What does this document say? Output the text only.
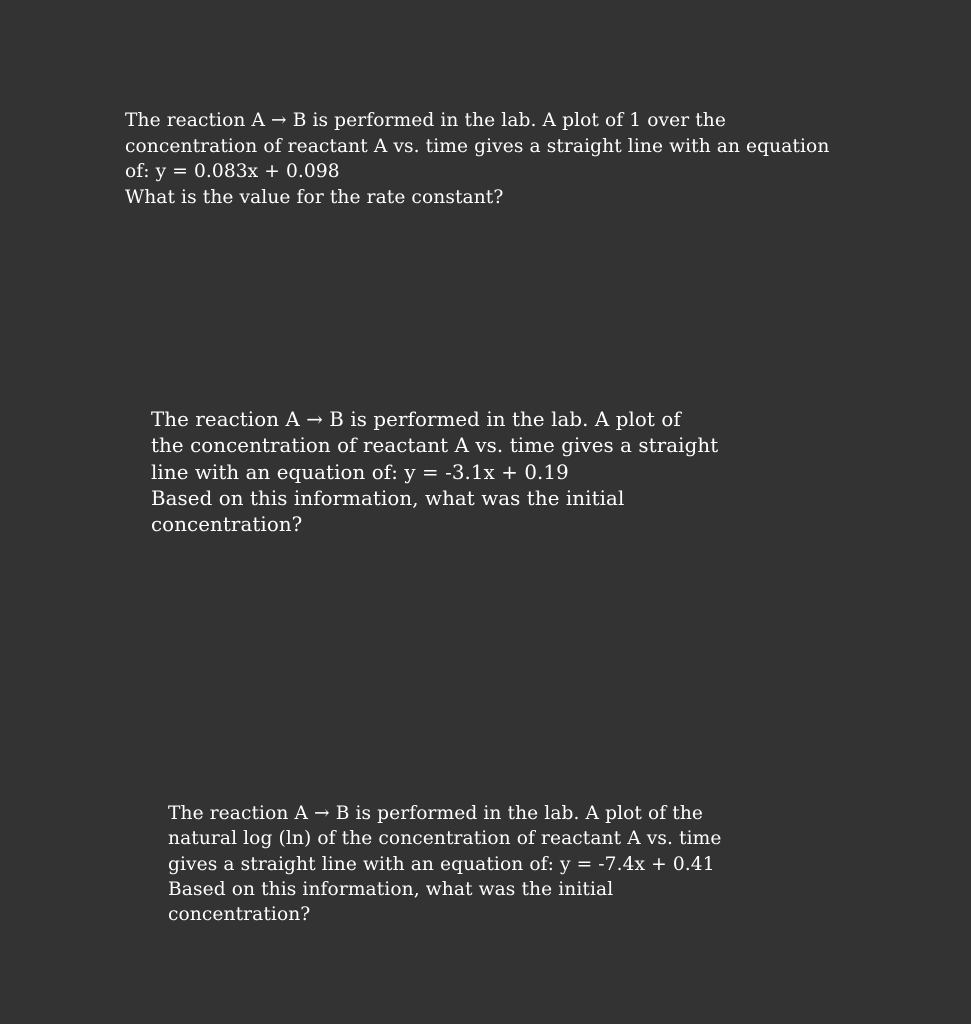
The reaction A → B is performed in the lab. A plot of 1 over the

concentration of reactant A vs. time gives a straight line with an equation

of: y = 0.083x + 0.098

What is the value for the rate constant?

The reaction A → B is performed in the lab. A plot of

the concentration of reactant A vs. time gives a straight

line with an equation of: y = -3.1x + 0.19

Based on this information, what was the initial

concentration?

The reaction A → B is performed in the lab. A plot of the

natural log (ln) of the concentration of reactant A vs. time

gives a straight line with an equation of: y = -7.4x + 0.41

Based on this information, what was the initial

concentration?
